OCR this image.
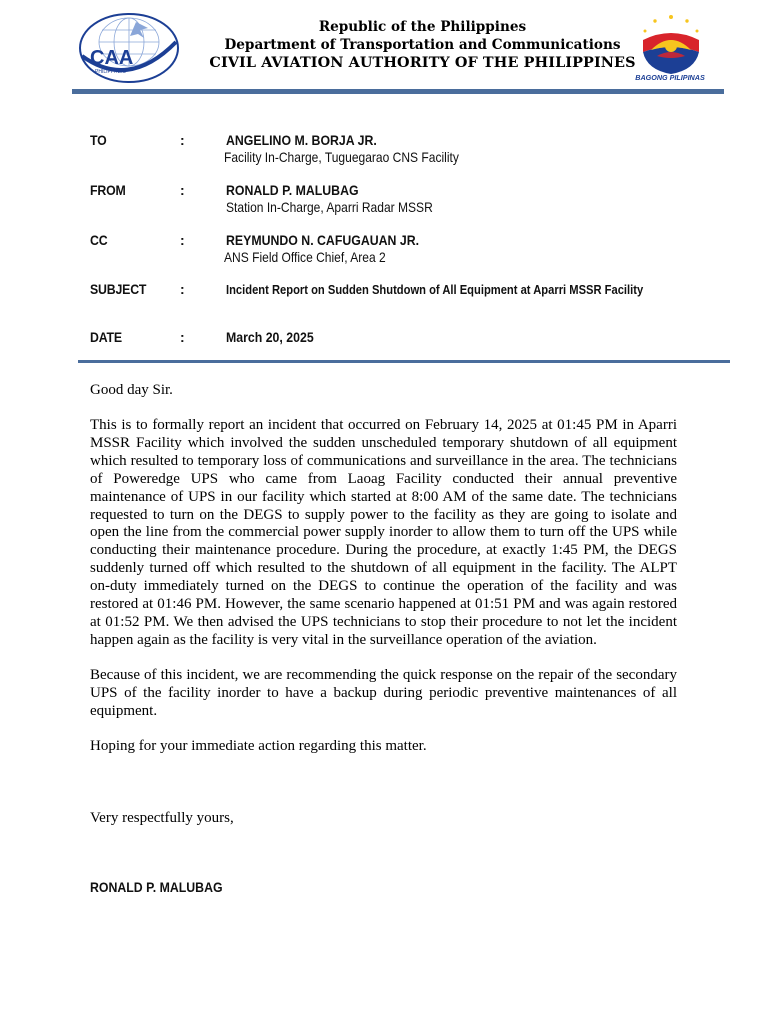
CAA
PHILIPPINES
Republic of the Philippines
Department of Transportation and Communications
CIVIL AVIATION AUTHORITY OF THE PHILIPPINES
BAGONG PILIPINAS
TO	:	ANGELINO M. BORJA JR.
Facility In-Charge, Tuguegarao CNS Facility
FROM	:	RONALD P. MALUBAG
Station In-Charge, Aparri Radar MSSR
CC	:	REYMUNDO N. CAFUGAUAN JR.
ANS Field Office Chief, Area 2
SUBJECT :	Incident Report on Sudden Shutdown of All Equipment at Aparri MSSR Facility
DATE	:	March 20, 2025
Good day Sir.
This is to formally report an incident that occurred on February 14, 2025 at 01:45 PM in Aparri MSSR Facility which involved the sudden unscheduled temporary shutdown of all equipment which resulted to temporary loss of communications and surveillance in the area. The technicians of Poweredge UPS who came from Laoag Facility conducted their annual preventive maintenance of UPS in our facility which started at 8:00 AM of the same date. The technicians requested to turn on the DEGS to supply power to the facility as they are going to isolate and open the line from the commercial power supply inorder to allow them to turn off the UPS while conducting their maintenance procedure. During the procedure, at exactly 1:45 PM, the DEGS suddenly turned off which resulted to the shutdown of all equipment in the facility. The ALPT on-duty immediately turned on the DEGS to continue the operation of the facility and was restored at 01:46 PM. However, the same scenario happened at 01:51 PM and was again restored at 01:52 PM. We then advised the UPS technicians to stop their procedure to not let the incident happen again as the facility is very vital in the surveillance operation of the aviation.
Because of this incident, we are recommending the quick response on the repair of the secondary UPS of the facility inorder to have a backup during periodic preventive maintenances of all equipment.
Hoping for your immediate action regarding this matter.
Very respectfully yours,
RONALD P. MALUBAG
